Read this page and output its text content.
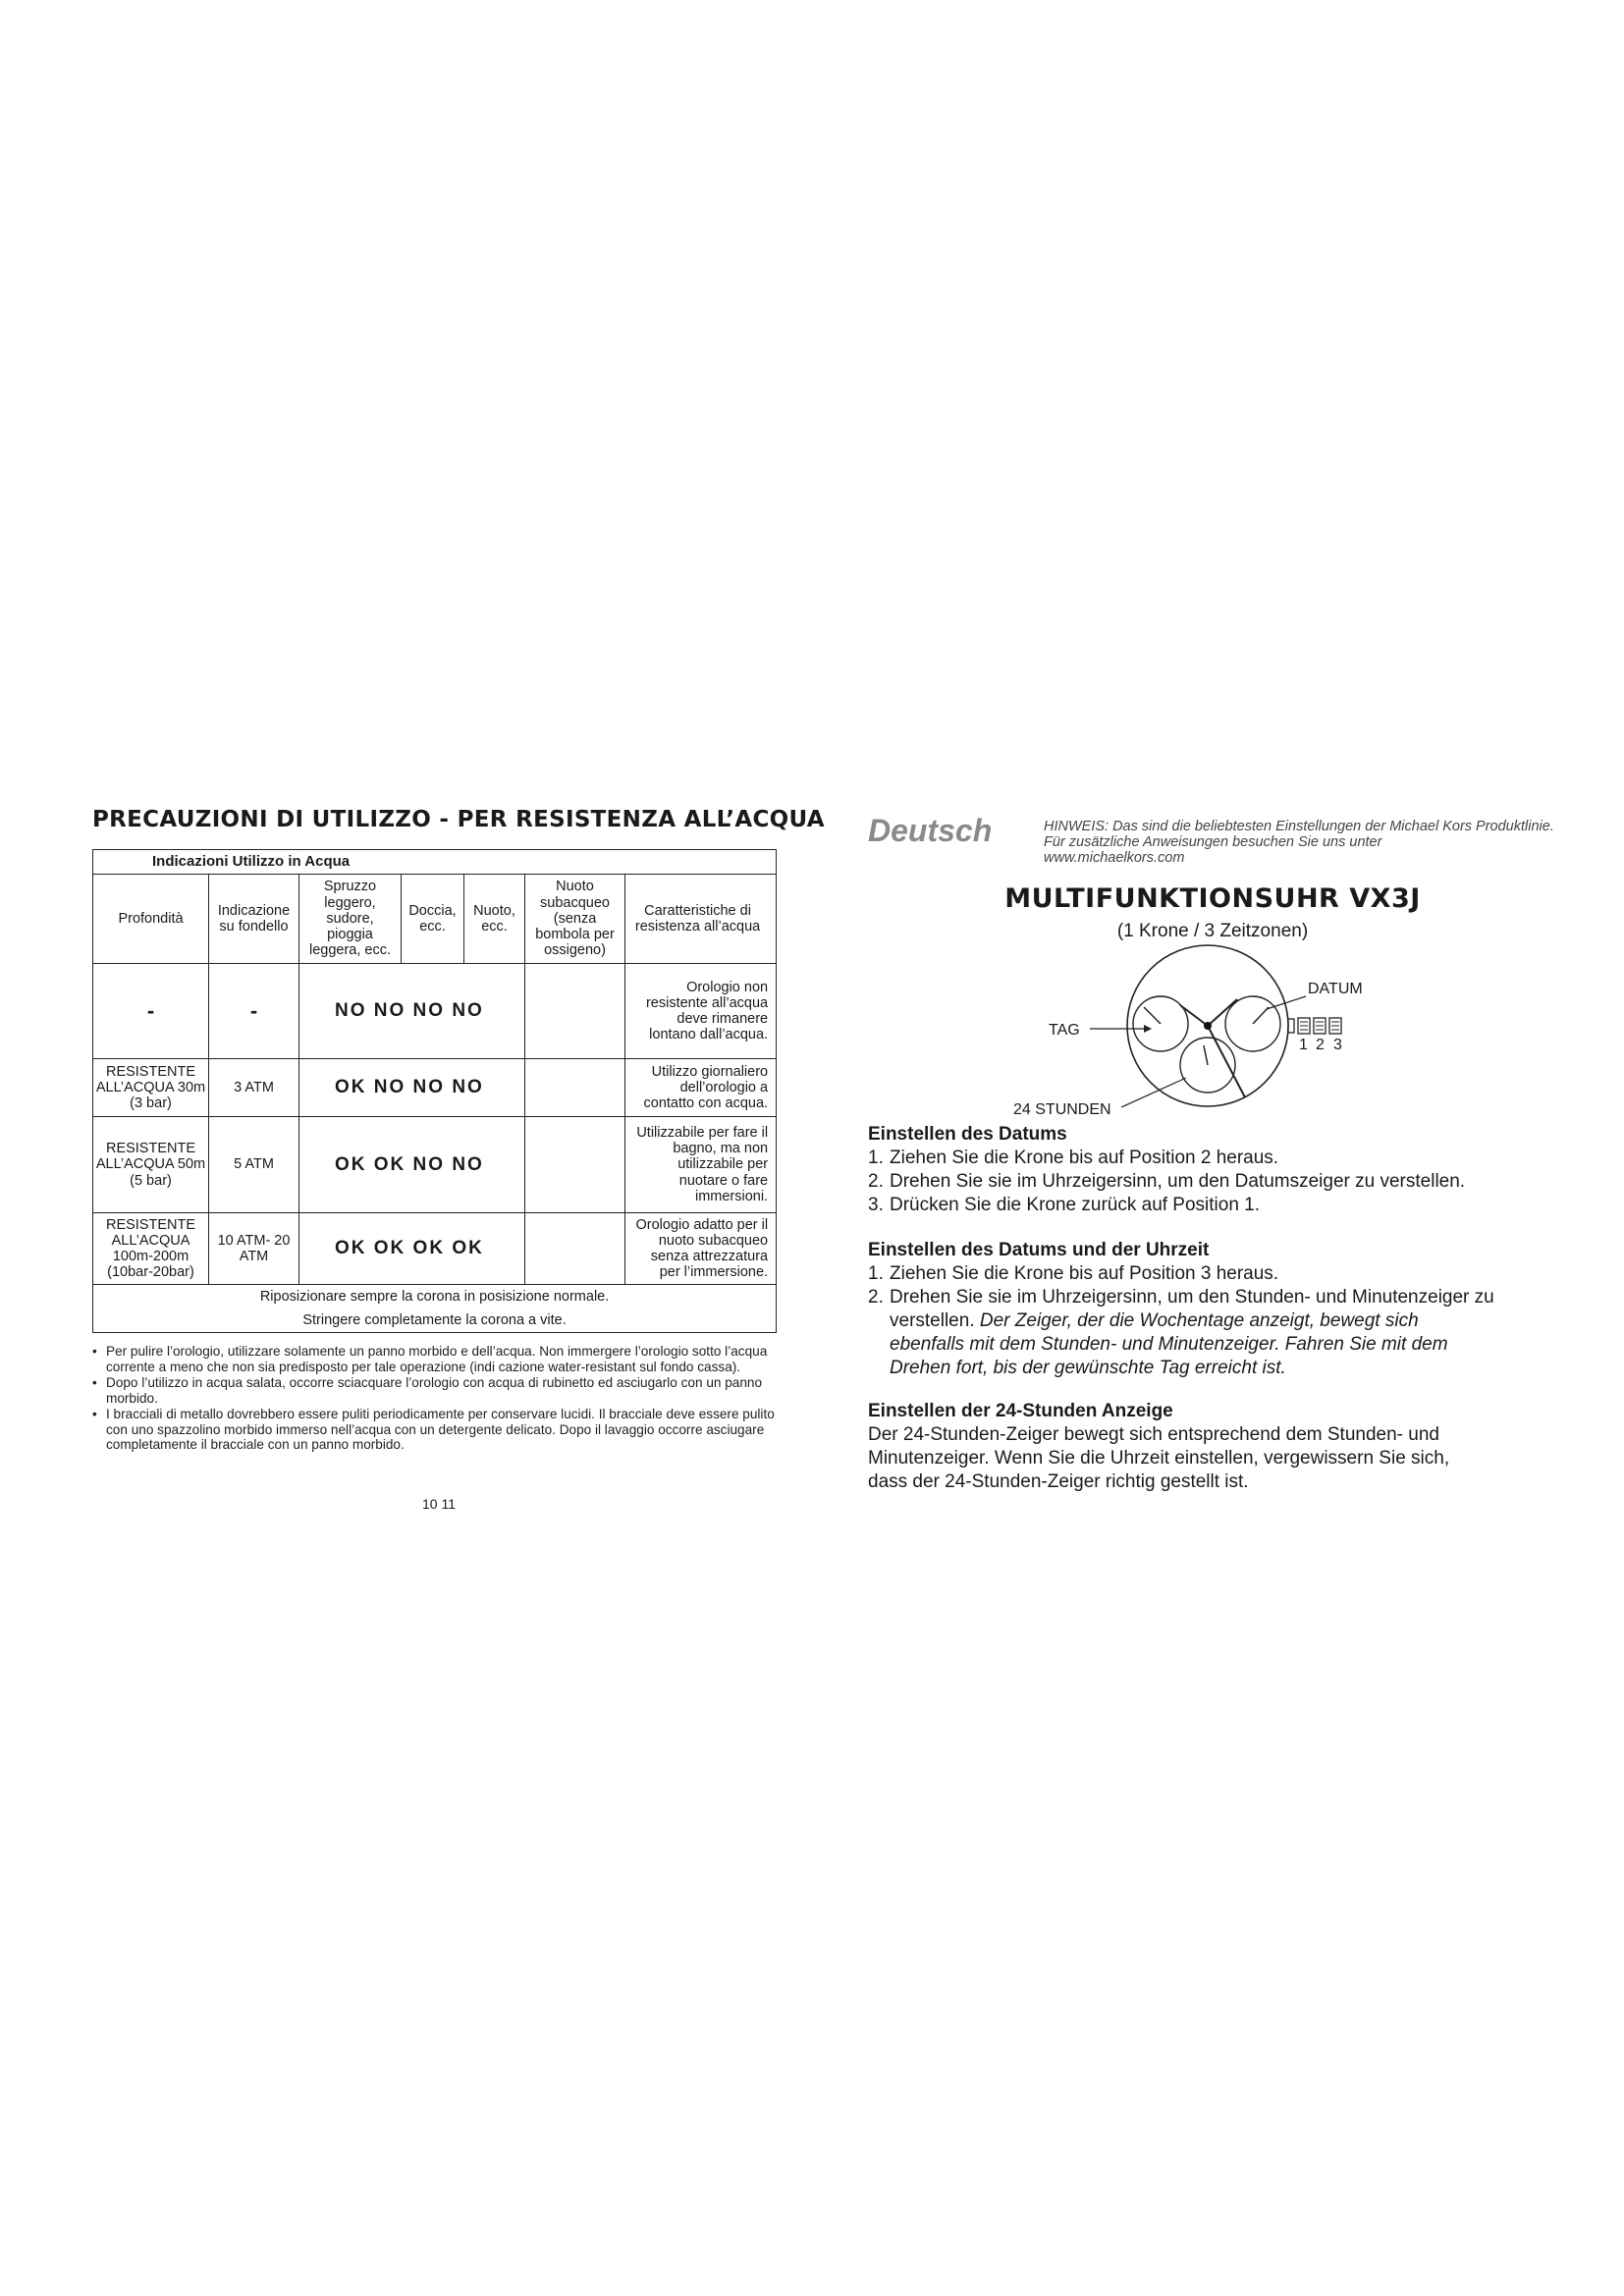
PRECAUZIONI DI UTILIZZO - PER RESISTENZA ALL’ACQUA
Indicazioni Utilizzo in Acqua						
Profondità	Indicazione su fondello	Spruzzo leggero, sudore, pioggia leggera, ecc.	Doccia, ecc.	Nuoto, ecc.	Nuoto subacqueo (senza bombola per ossigeno)	Caratteristiche di resistenza all’acqua
-	-	NO NO NO NO				Orologio non resistente all’acqua deve rimanere lontano dall’acqua.
RESISTENTE ALL’ACQUA 30m (3 bar)	3 ATM	OK NO NO NO				Utilizzo giornaliero dell’orologio a contatto con acqua.
RESISTENTE ALL’ACQUA 50m (5 bar)	5 ATM	OK OK NO NO				Utilizzabile per fare il bagno, ma non utilizzabile per nuotare o fare immersioni.
RESISTENTE ALL’ACQUA 100m-200m (10bar-20bar)	10 ATM- 20 ATM	OK OK OK OK				Orologio adatto per il nuoto subacqueo senza attrezzatura per l’immersione.
Riposizionare sempre la corona in posisizione normale.						
Stringere completamente la corona a vite.						
• Per pulire l’orologio, utilizzare solamente un panno morbido e dell’acqua. Non immergere l’orologio sotto l’acqua corrente a meno che non sia predisposto per tale operazione (indi cazione water-resistant sul fondo cassa).
• Dopo l’utilizzo in acqua salata, occorre sciacquare l’orologio con acqua di rubinetto ed asciugarlo con un panno morbido.
• I bracciali di metallo dovrebbero essere puliti periodicamente per conservare lucidi. Il bracciale deve essere pulito con uno spazzolino morbido immerso nell’acqua con un detergente delicato. Dopo il lavaggio occorre asciugare completamente il bracciale con un panno morbido.
10 11
Deutsch	HINWEIS: Das sind die beliebtesten Einstellungen der Michael Kors Produktlinie. Für zusätzliche Anweisungen besuchen Sie uns unter
www.michaelkors.com
MULTIFUNKTIONSUHR VX3J
(1 Krone / 3 Zeitzonen)
1 2 3
TAG
DATUM
24 STUNDEN
Einstellen des Datums
1. Ziehen Sie die Krone bis auf Position 2 heraus.
2. Drehen Sie sie im Uhrzeigersinn, um den Datumszeiger zu verstellen.
3. Drücken Sie die Krone zurück auf Position 1.
Einstellen des Datums und der Uhrzeit
1. Ziehen Sie die Krone bis auf Position 3 heraus.
2. Drehen Sie sie im Uhrzeigersinn, um den Stunden- und Minutenzeiger zu verstellen. Der Zeiger, der die Wochentage anzeigt, bewegt sich ebenfalls mit dem Stunden- und Minutenzeiger. Fahren Sie mit dem Drehen fort, bis der gewünschte Tag erreicht ist.
Einstellen der 24-Stunden Anzeige

Der 24-Stunden-Zeiger bewegt sich entsprechend dem Stunden- und Minutenzeiger. Wenn Sie die Uhrzeit einstellen, vergewissern Sie sich, dass der 24-Stunden-Zeiger richtig gestellt ist.
